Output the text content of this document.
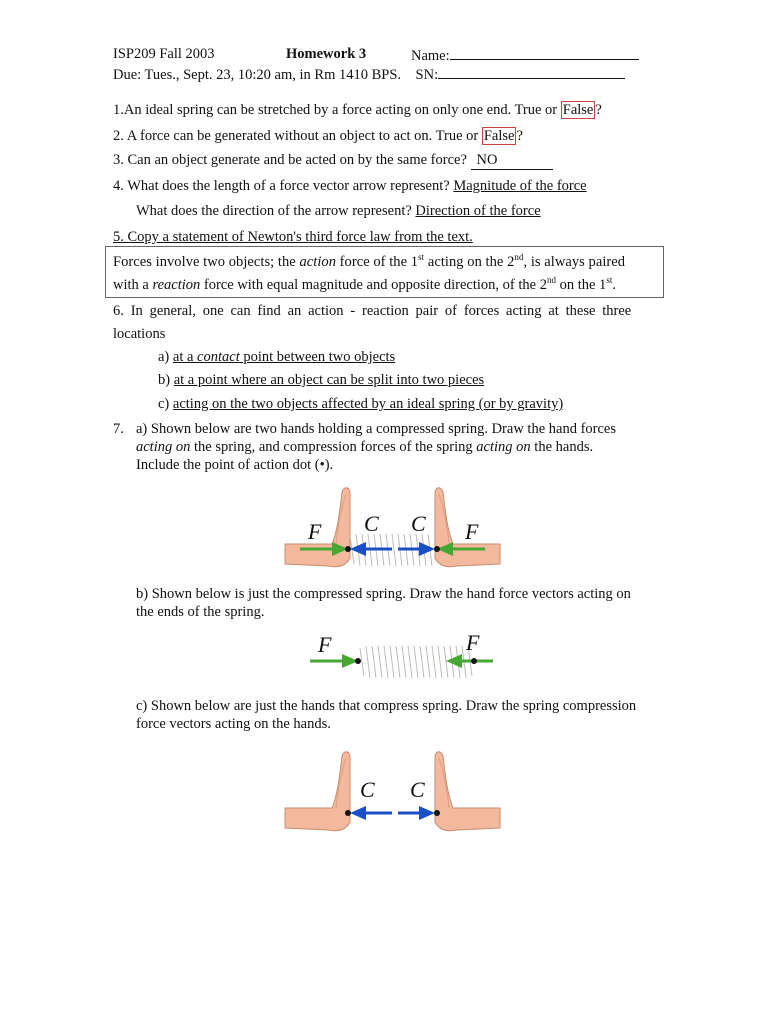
ISP209 Fall 2003	Homework 3	Name:
Due: Tues., Sept. 23, 10:20 am, in Rm 1410 BPS. SN:
1.An ideal spring can be stretched by a force acting on only one end. True or False ?
2. A force can be generated without an object to act on. True or False ?
3. Can an object generate and be acted on by the same force? NO
4. What does the length of a force vector arrow represent? Magnitude of the force
What does the direction of the arrow represent? Direction of the force
5. Copy a statement of Newton's third force law from the text.
Forces involve two objects; the action force of the 1st acting on the 2nd, is always paired
with a reaction force with equal magnitude and opposite direction, of the 2nd on the 1st.
6. In general, one can find an action - reaction pair of forces acting at these three
locations
a) at a contact point between two objects
b) at a point where an object can be split into two pieces
c) acting on the two objects affected by an ideal spring (or by gravity)
7. a) Shown below are two hands holding a compressed spring. Draw the hand forces
acting on the spring, and compression forces of the spring acting on the hands.
Include the point of action dot (•).
F C C F
b) Shown below is just the compressed spring. Draw the hand force vectors acting on
the ends of the spring.
F	F
c) Shown below are just the hands that compress spring. Draw the spring compression
force vectors acting on the hands.
C C
